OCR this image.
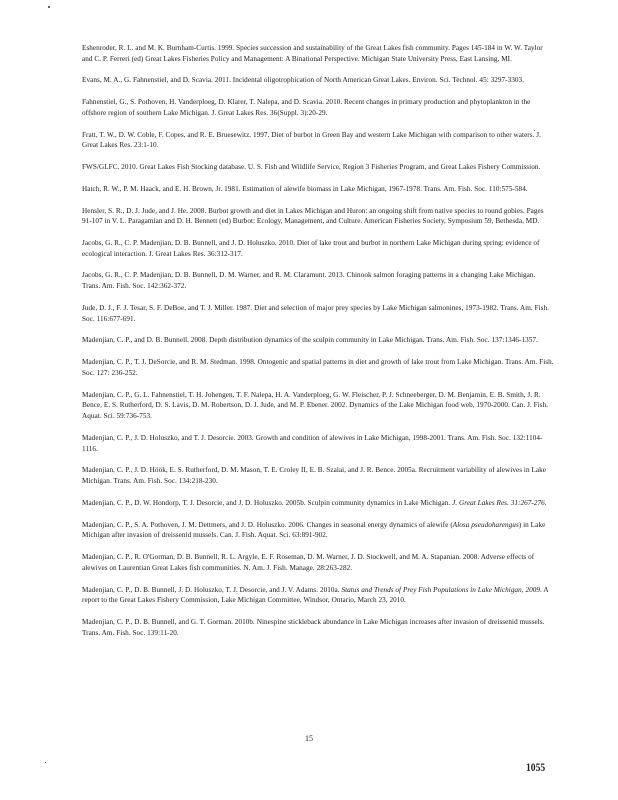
Eshenroder, R. L. and M. K. Burnham-Curtis. 1999. Species succession and sustainability of the Great Lakes fish community. Pages 145-184 in W. W. Taylor and C. P. Ferreri (ed) Great Lakes Fisheries Policy and Management: A Binational Perspective. Michigan State University Press, East Lansing, MI.

Evans, M. A., G. Fahnenstiel, and D. Scavia. 2011. Incidental oligotrophication of North American Great Lakes. Environ. Sci. Technol. 45: 3297-3303.

Fahnenstiel, G., S. Pothoven, H. Vanderploeg, D. Klarer, T. Nalepa, and D. Scavia. 2010. Recent changes in primary production and phytoplankton in the offshore region of southern Lake Michigan. J. Great Lakes Res. 36(Suppl. 3):20-29.

Fratt, T. W., D. W. Coble, F. Copes, and R. E. Bruesewitz. 1997. Diet of burbot in Green Bay and western Lake Michigan with comparison to other waters. J. Great Lakes Res. 23:1-10.

FWS/GLFC. 2010. Great Lakes Fish Stocking database. U. S. Fish and Wildlife Service, Region 3 Fisheries Program, and Great Lakes Fishery Commission.

Hatch, R. W., P. M. Haack, and E. H. Brown, Jr. 1981. Estimation of alewife biomass in Lake Michigan, 1967-1978. Trans. Am. Fish. Soc. 110:575-584.

Hensler, S. R., D. J. Jude, and J. He. 2008. Burbot growth and diet in Lakes Michigan and Huron: an ongoing shift from native species to round gobies. Pages 91-107 in V. L. Paragamian and D. H. Bennett (ed) Burbot: Ecology, Management, and Culture. American Fisheries Society, Symposium 59, Bethesda, MD.

Jacobs, G. R., C. P. Madenjian, D. B. Bunnell, and J. D. Holuszko. 2010. Diet of lake trout and burbot in northern Lake Michigan during spring: evidence of ecological interaction. J. Great Lakes Res. 36:312-317.

Jacobs, G. R., C. P. Madenjian, D. B. Bunnell, D. M. Warner, and R. M. Claramunt. 2013. Chinook salmon foraging patterns in a changing Lake Michigan. Trans. Am. Fish. Soc. 142:362-372.

Jude, D. J., F. J. Tesar, S. F. DeBoe, and T. J. Miller. 1987. Diet and selection of major prey species by Lake Michigan salmonines, 1973-1982. Trans. Am. Fish. Soc. 116:677-691.

Madenjian, C. P., and D. B. Bunnell. 2008. Depth distribution dynamics of the sculpin community in Lake Michigan. Trans. Am. Fish. Soc. 137:1346-1357.

Madenjian, C. P., T. J. DeSorcie, and R. M. Stedman. 1998. Ontogenic and spatial patterns in diet and growth of lake trout from Lake Michigan. Trans. Am. Fish. Soc. 127: 236-252.

Madenjian, C. P., G. L. Fahnenstiel, T. H. Johengen, T. F. Nalepa, H. A. Vanderploeg, G. W. Fleischer, P. J. Schneeberger, D. M. Benjamin, E. B. Smith, J. R. Bence, E. S. Rutherford, D. S. Lavis, D. M. Robertson, D. J. Jude, and M. P. Ebener. 2002. Dynamics of the Lake Michigan food web, 1970-2000. Can. J. Fish. Aquat. Sci. 59:736-753.

Madenjian, C. P., J. D. Holuszko, and T. J. Desorcie. 2003. Growth and condition of alewives in Lake Michigan, 1998-2001. Trans. Am. Fish. Soc. 132:1104-1116.

Madenjian, C. P., J. D. Höök, E. S. Rutherford, D. M. Mason, T. E. Croley II, E. B. Szalai, and J. R. Bence. 2005a. Recruitment variability of alewives in Lake Michigan. Trans. Am. Fish. Soc. 134:218-230.

Madenjian, C. P., D. W. Hondorp, T. J. Desorcie, and J. D. Holuszko. 2005b. Sculpin community dynamics in Lake Michigan. J. Great Lakes Res. 31:267-276.

Madenjian, C. P., S. A. Pothoven, J. M. Dettmers, and J. D. Holuszko. 2006. Changes in seasonal energy dynamics of alewife (Alosa pseudoharengus) in Lake Michigan after invasion of dreissenid mussels. Can. J. Fish. Aquat. Sci. 63:891-902.

Madenjian, C. P., R. O'Gorman, D. B. Bunnell, R. L. Argyle, E. F. Roseman, D. M. Warner, J. D. Stockwell, and M. A. Stapanian. 2008. Adverse effects of alewives on Laurentian Great Lakes fish communities. N. Am. J. Fish. Manage. 28:263-282.

Madenjian, C. P., D. B. Bunnell, J. D. Holuszko, T. J. Desorcie, and J. V. Adams. 2010a. Status and Trends of Prey Fish Populations in Lake Michigan, 2009. A report to the Great Lakes Fishery Commission, Lake Michigan Committee, Windsor, Ontario, March 23, 2010.

Madenjian, C. P., D. B. Bunnell, and G. T. Gorman. 2010b. Ninespine stickleback abundance in Lake Michigan increases after invasion of dreissenid mussels. Trans. Am. Fish. Soc. 139:11-20.

15
1055
